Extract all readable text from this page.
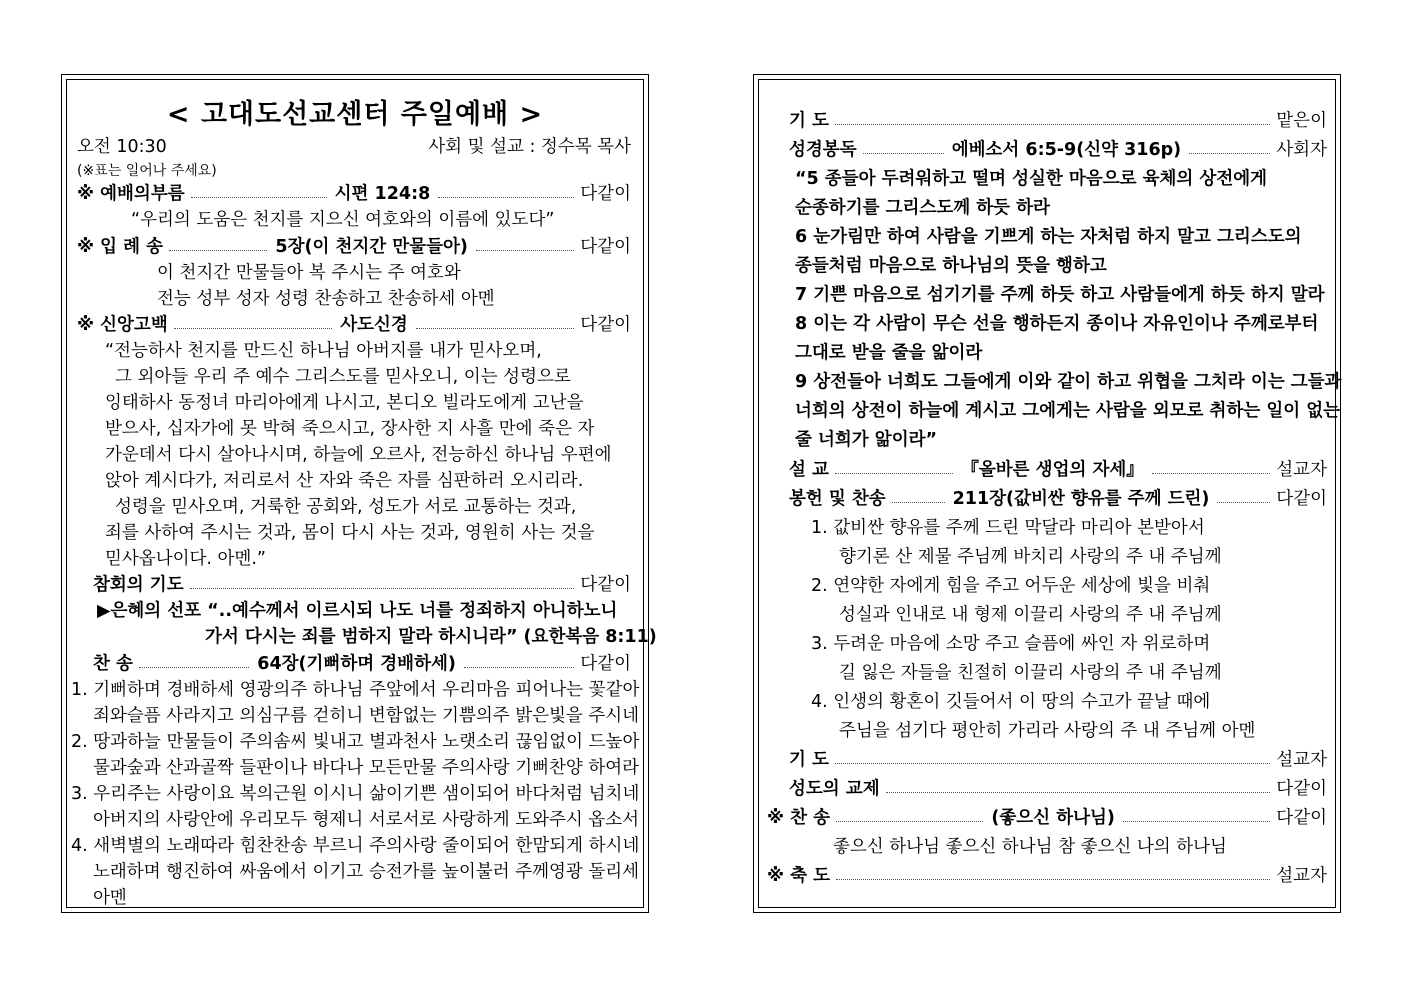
< 고대도선교센터 주일예배 >
오전 10:30	사회 및 설교 : 정수목 목사
(※표는 일어나 주세요)
※ 예배의부름	시편 124:8	다같이
“우리의 도움은 천지를 지으신 여호와의 이름에 있도다”
※ 입 례 송	5장(이 천지간 만물들아)	다같이
이 천지간 만물들아 복 주시는 주 여호와
전능 성부 성자 성령 찬송하고 찬송하세 아멘
※ 신앙고백	사도신경	다같이
“전능하사 천지를 만드신 하나님 아버지를 내가 믿사오며,
그 외아들 우리 주 예수 그리스도를 믿사오니, 이는 성령으로
잉태하사 동정녀 마리아에게 나시고, 본디오 빌라도에게 고난을
받으사, 십자가에 못 박혀 죽으시고, 장사한 지 사흘 만에 죽은 자
가운데서 다시 살아나시며, 하늘에 오르사, 전능하신 하나님 우편에
앉아 계시다가, 저리로서 산 자와 죽은 자를 심판하러 오시리라.
성령을 믿사오며, 거룩한 공회와, 성도가 서로 교통하는 것과,
죄를 사하여 주시는 것과, 몸이 다시 사는 것과, 영원히 사는 것을
믿사옵나이다. 아멘.”
참회의 기도	다같이
▶은혜의 선포 “..예수께서 이르시되 나도 너를 정죄하지 아니하노니
가서 다시는 죄를 범하지 말라 하시니라” (요한복음 8:11)
찬 송	64장(기뻐하며 경배하세)	다같이
1. 기뻐하며 경배하세 영광의주 하나님 주앞에서 우리마음 피어나는 꽃같아
죄와슬픔 사라지고 의심구름 걷히니 변함없는 기쁨의주 밝은빛을 주시네
2. 땅과하늘 만물들이 주의솜씨 빛내고 별과천사 노랫소리 끊임없이 드높아
물과숲과 산과골짝 들판이나 바다나 모든만물 주의사랑 기뻐찬양 하여라
3. 우리주는 사랑이요 복의근원 이시니 삶이기쁜 샘이되어 바다처럼 넘치네
아버지의 사랑안에 우리모두 형제니 서로서로 사랑하게 도와주시 옵소서
4. 새벽별의 노래따라 힘찬찬송 부르니 주의사랑 줄이되어 한맘되게 하시네
노래하며 행진하여 싸움에서 이기고 승전가를 높이불러 주께영광 돌리세
아멘
기 도	맡은이
성경봉독	에베소서 6:5-9(신약 316p)	사회자
“5 종들아 두려워하고 떨며 성실한 마음으로 육체의 상전에게
순종하기를 그리스도께 하듯 하라
6 눈가림만 하여 사람을 기쁘게 하는 자처럼 하지 말고 그리스도의
종들처럼 마음으로 하나님의 뜻을 행하고
7 기쁜 마음으로 섬기기를 주께 하듯 하고 사람들에게 하듯 하지 말라
8 이는 각 사람이 무슨 선을 행하든지 종이나 자유인이나 주께로부터
그대로 받을 줄을 앎이라
9 상전들아 너희도 그들에게 이와 같이 하고 위협을 그치라 이는 그들과
너희의 상전이 하늘에 계시고 그에게는 사람을 외모로 취하는 일이 없는
줄 너희가 앎이라”
설 교	『올바른 생업의 자세』	설교자
봉헌 및 찬송	211장(값비싼 향유를 주께 드린)	다같이
1. 값비싼 향유를 주께 드린 막달라 마리아 본받아서
향기론 산 제물 주님께 바치리 사랑의 주 내 주님께
2. 연약한 자에게 힘을 주고 어두운 세상에 빛을 비춰
성실과 인내로 내 형제 이끌리 사랑의 주 내 주님께
3. 두려운 마음에 소망 주고 슬픔에 싸인 자 위로하며
길 잃은 자들을 친절히 이끌리 사랑의 주 내 주님께
4. 인생의 황혼이 깃들어서 이 땅의 수고가 끝날 때에
주님을 섬기다 평안히 가리라 사랑의 주 내 주님께 아멘
기 도	설교자
성도의 교제	다같이
※ 찬 송	(좋으신 하나님)	다같이
좋으신 하나님 좋으신 하나님 참 좋으신 나의 하나님
※ 축 도	설교자
